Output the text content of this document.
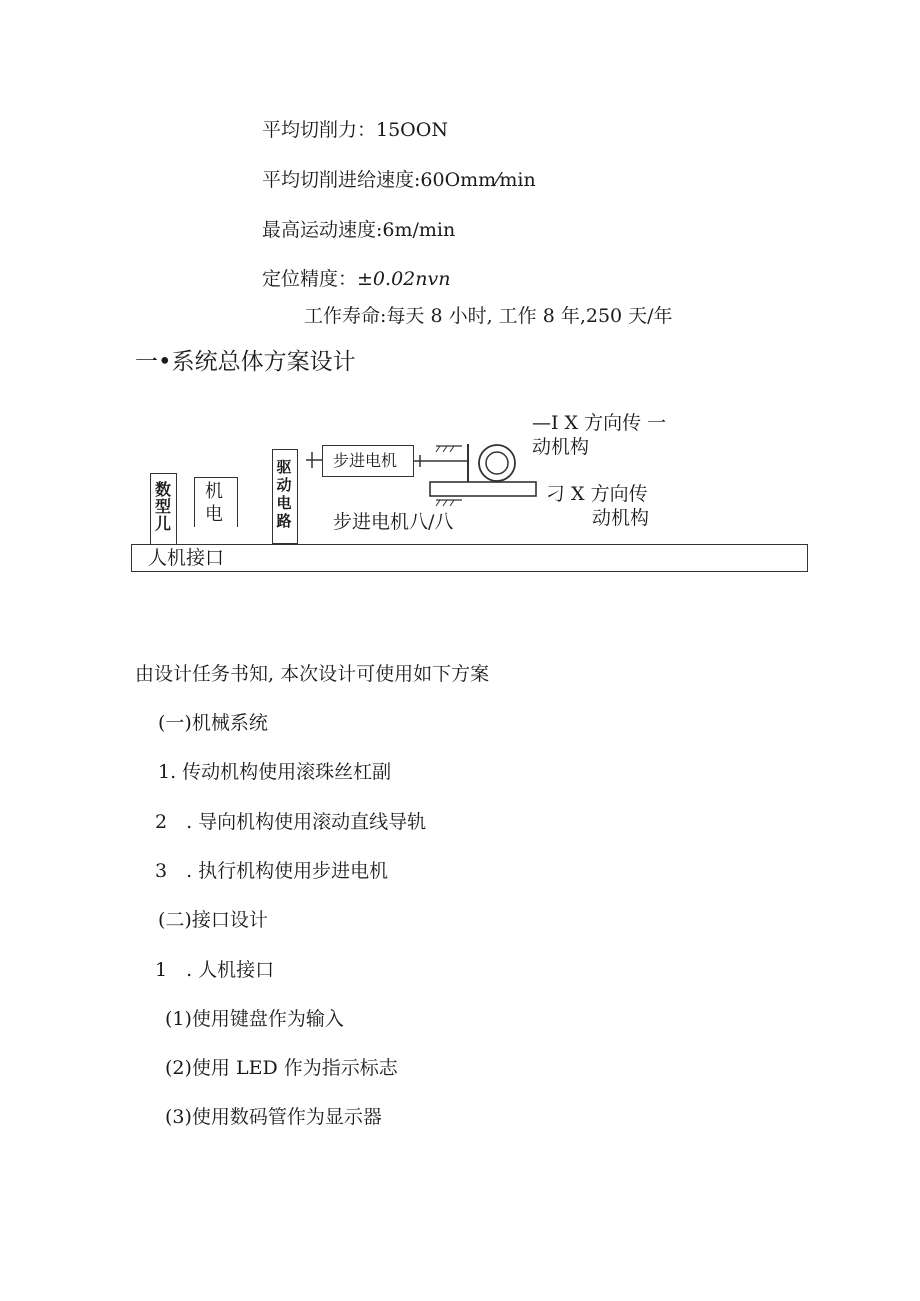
平均切削力：15OON
平均切削进给速度:60Omm⁄min
最高运动速度:6m/min
定位精度：±0.02nvn
工作寿命:每天 8 小时, 工作 8 年,250 天/年
一•系统总体方案设计
数型儿
机电
驱动电路
步进电机
—I X 方向传 一
动机构
刁 X 方向传
动机构
步进电机八/八
人机接口
由设计任务书知, 本次设计可使用如下方案
(一)机械系统
1. 传动机构使用滚珠丝杠副
2　. 导向机构使用滚动直线导轨
3　. 执行机构使用步进电机
(二)接口设计
1　. 人机接口
(1)使用键盘作为输入
(2)使用 LED 作为指示标志
(3)使用数码管作为显示器
